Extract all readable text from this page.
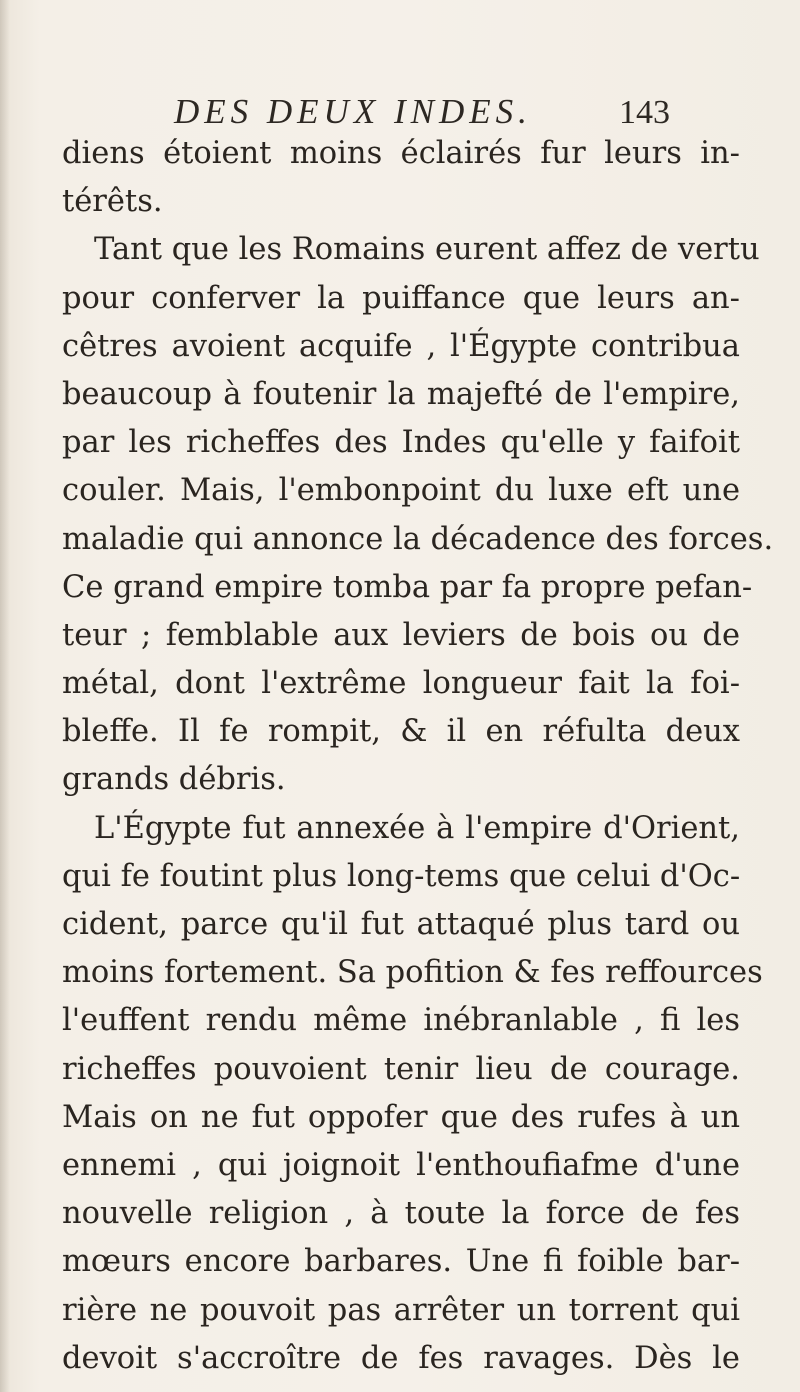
DES DEUX INDES.	143
diens étoient moins éclairés fur leurs in-
térêts.
Tant que les Romains eurent affez de vertu
pour conferver la puiffance que leurs an-
cêtres avoient acquife , l'Égypte contribua
beaucoup à foutenir la majefté de l'empire,
par les richeffes des Indes qu'elle y faifoit
couler. Mais, l'embonpoint du luxe eft une
maladie qui annonce la décadence des forces.
Ce grand empire tomba par fa propre pefan-
teur ; femblable aux leviers de bois ou de
métal, dont l'extrême longueur fait la foi-
bleffe. Il fe rompit, & il en réfulta deux
grands débris.
L'Égypte fut annexée à l'empire d'Orient,
qui fe foutint plus long-tems que celui d'Oc-
cident, parce qu'il fut attaqué plus tard ou
moins fortement. Sa pofition & fes reffources
l'euffent rendu même inébranlable , fi les
richeffes pouvoient tenir lieu de courage.
Mais on ne fut oppofer que des rufes à un
ennemi , qui joignoit l'enthoufiafme d'une
nouvelle religion , à toute la force de fes
mœurs encore barbares. Une fi foible bar-
rière ne pouvoit pas arrêter un torrent qui
devoit s'accroître de fes ravages. Dès le
